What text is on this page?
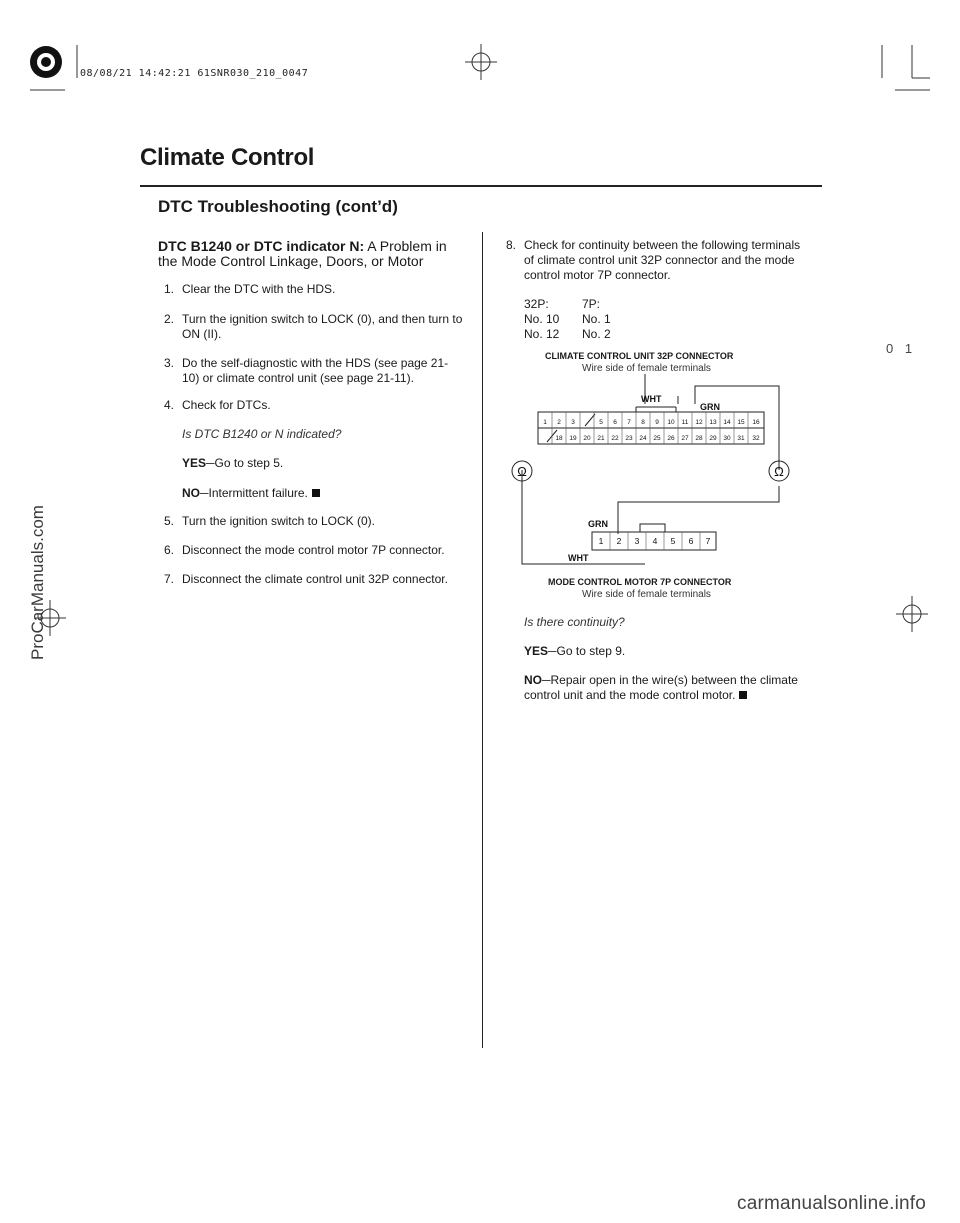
08/08/21 14:42:21 61SNR030_210_0047
Climate Control
DTC Troubleshooting (cont’d)
0 1
DTC B1240 or DTC indicator N: A Problem in
the Mode Control Linkage, Doors, or Motor
1. Clear the DTC with the HDS.
2. Turn the ignition switch to LOCK (0), and then turn to ON (II).
3. Do the self-diagnostic with the HDS (see page 21-10) or climate control unit (see page 21-11).
4. Check for DTCs.
Is DTC B1240 or N indicated?
YES─Go to step 5.
NO─Intermittent failure.
5. Turn the ignition switch to LOCK (0).
6. Disconnect the mode control motor 7P connector.
7. Disconnect the climate control unit 32P connector.
8. Check for continuity between the following terminals of climate control unit 32P connector and the mode control motor 7P connector.
32P:	7P:
No. 10 No. 1
No. 12 No. 2
CLIMATE CONTROL UNIT 32P CONNECTOR
Wire side of female terminals
1 2 3	5 6 7 8 9 10 11 12 13 14 15 16
18 19 20 21 22 23 24 25 26 27 28 29 30 31 32
1 2 3 4 5 6 7
WHT
GRN
GRN
WHT
Ω	Ω
MODE CONTROL MOTOR 7P CONNECTOR
Wire side of female terminals
Is there continuity?
YES─Go to step 9.
NO─Repair open in the wire(s) between the climate control unit and the mode control motor.
ProCarManuals.com
carmanualsonline.info
